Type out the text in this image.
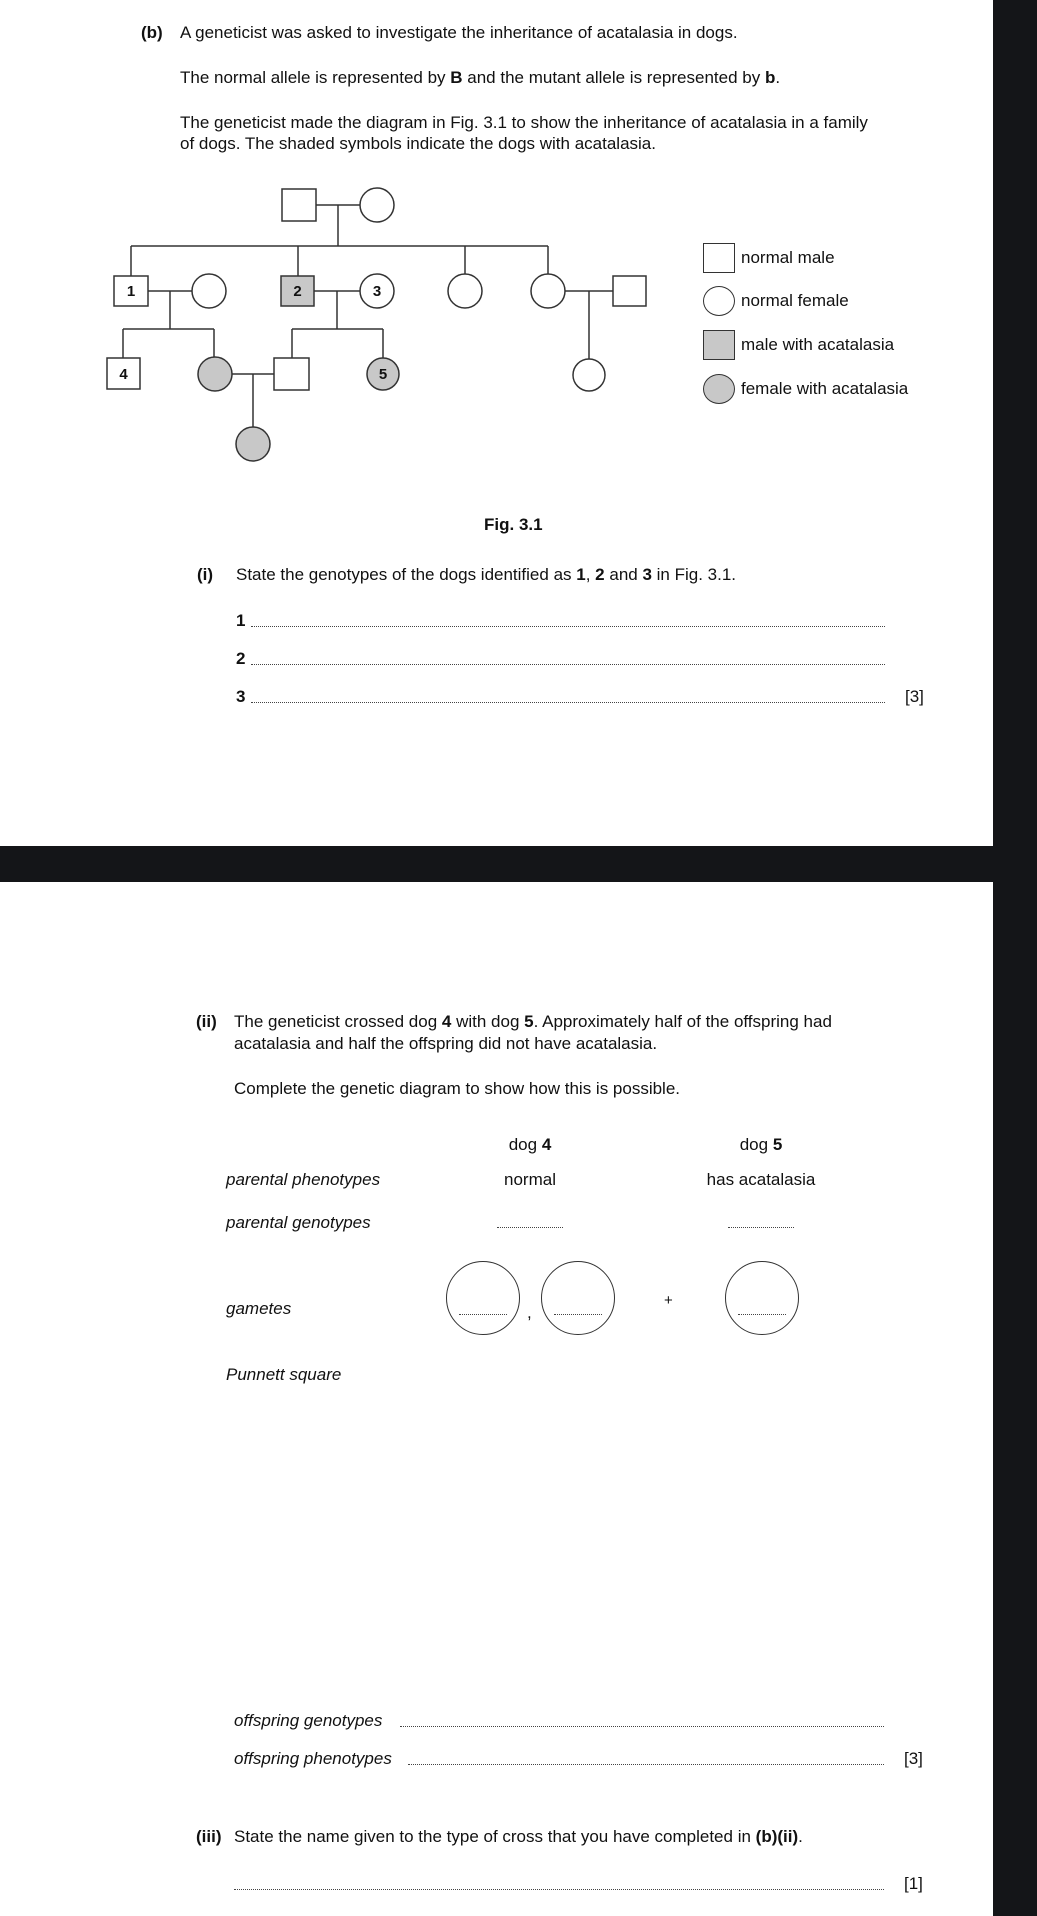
(b) A geneticist was asked to investigate the inheritance of acatalasia in dogs.
The normal allele is represented by B and the mutant allele is represented by b.
The geneticist made the diagram in Fig. 3.1 to show the inheritance of acatalasia in a family
of dogs. The shaded symbols indicate the dogs with acatalasia.
1	2	3
4	5
normal male
normal female
male with acatalasia
female with acatalasia
Fig. 3.1
(i) State the genotypes of the dogs identified as 1, 2 and 3 in Fig. 3.1.
1
2
3	[3]
(ii) The geneticist crossed dog 4 with dog 5. Approximately half of the offspring had
acatalasia and half the offspring did not have acatalasia.
Complete the genetic diagram to show how this is possible.
dog 4	dog 5
parental phenotypes	normal	has acatalasia
parental genotypes
gametes	,
+
Punnett square
offspring genotypes
offspring phenotypes	[3]
(iii) State the name given to the type of cross that you have completed in (b)(ii).
[1]
